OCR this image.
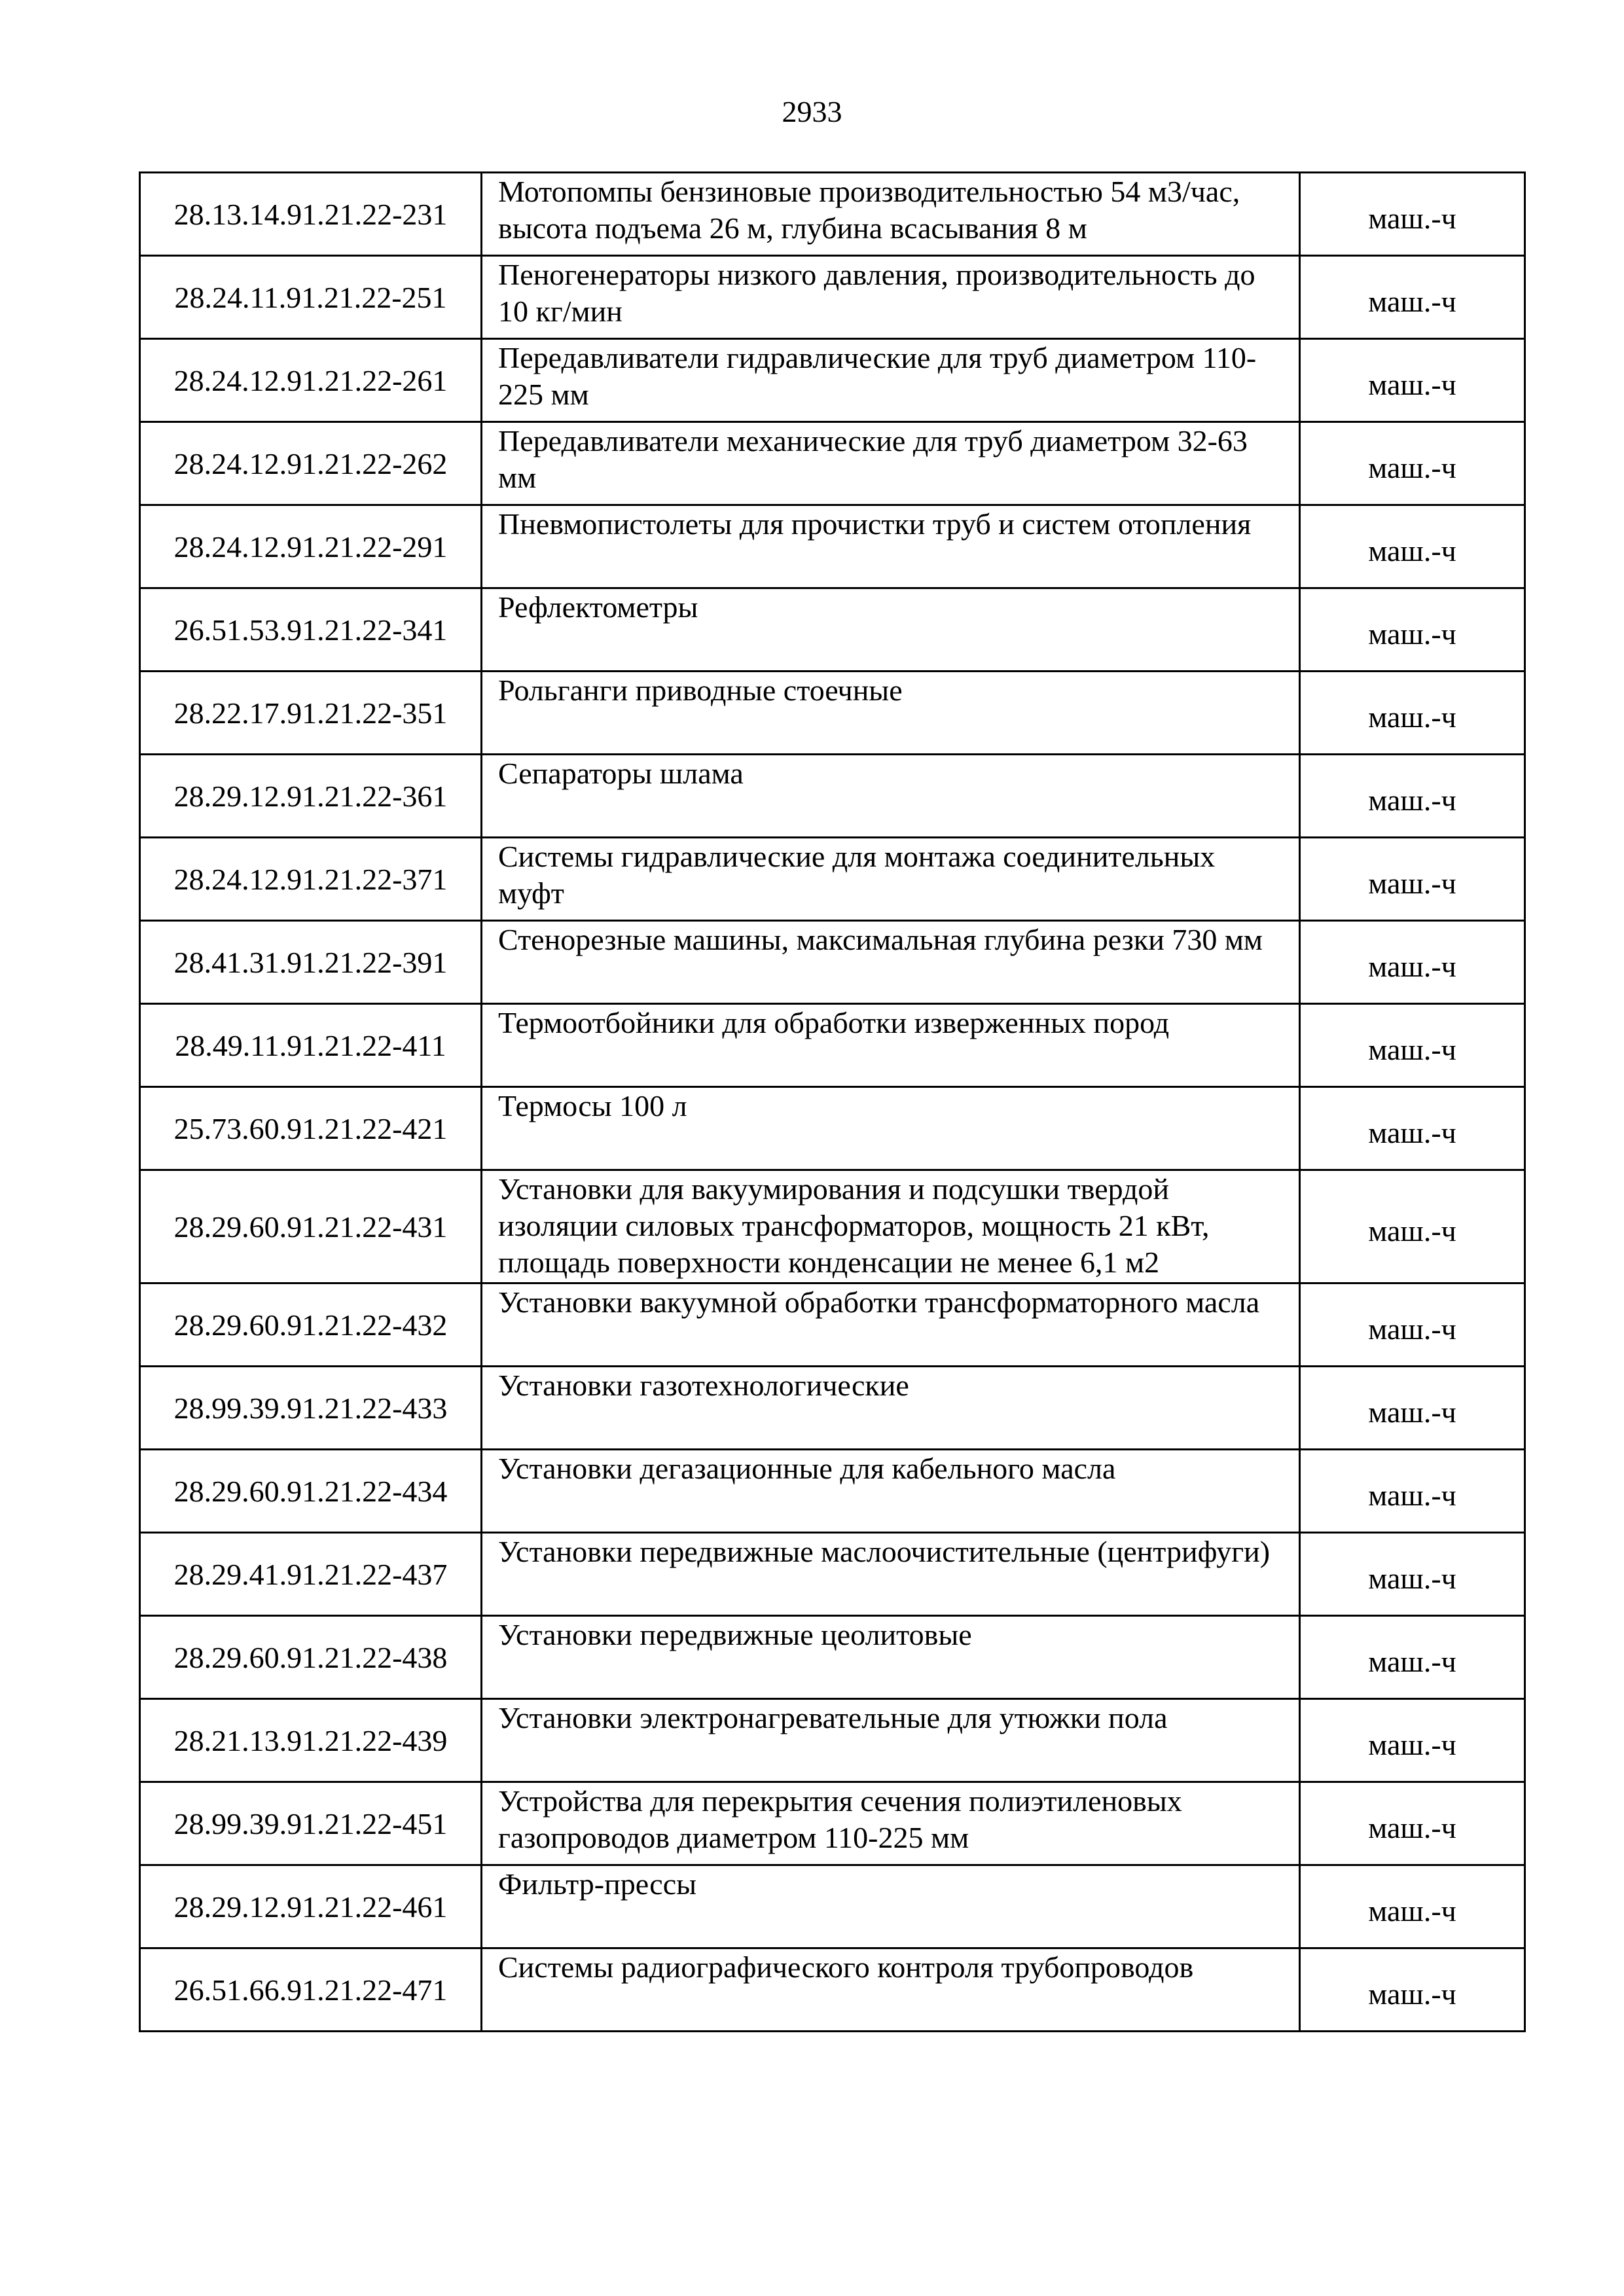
2933
28.13.14.91.21.22-231	Мотопомпы бензиновые производительностью 54 м3/час, высота подъема 26 м, глубина всасывания 8 м	маш.-ч
28.24.11.91.21.22-251	Пеногенераторы низкого давления, производительность до 10 кг/мин	маш.-ч
28.24.12.91.21.22-261	Передавливатели гидравлические для труб диаметром 110-225 мм	маш.-ч
28.24.12.91.21.22-262	Передавливатели механические для труб диаметром 32-63 мм	маш.-ч
28.24.12.91.21.22-291	Пневмопистолеты для прочистки труб и систем отопления	маш.-ч
26.51.53.91.21.22-341	Рефлектометры	маш.-ч
28.22.17.91.21.22-351	Рольганги приводные стоечные	маш.-ч
28.29.12.91.21.22-361	Сепараторы шлама	маш.-ч
28.24.12.91.21.22-371	Системы гидравлические для монтажа соединительных муфт	маш.-ч
28.41.31.91.21.22-391	Стенорезные машины, максимальная глубина резки 730 мм	маш.-ч
28.49.11.91.21.22-411	Термоотбойники для обработки изверженных пород	маш.-ч
25.73.60.91.21.22-421	Термосы 100 л	маш.-ч
28.29.60.91.21.22-431	Установки для вакуумирования и подсушки твердой изоляции силовых трансформаторов, мощность 21 кВт, площадь поверхности конденсации не менее 6,1 м2	маш.-ч
28.29.60.91.21.22-432	Установки вакуумной обработки трансформаторного масла	маш.-ч
28.99.39.91.21.22-433	Установки газотехнологические	маш.-ч
28.29.60.91.21.22-434	Установки дегазационные для кабельного масла	маш.-ч
28.29.41.91.21.22-437	Установки передвижные маслоочистительные (центрифуги)	маш.-ч
28.29.60.91.21.22-438	Установки передвижные цеолитовые	маш.-ч
28.21.13.91.21.22-439	Установки электронагревательные для утюжки пола	маш.-ч
28.99.39.91.21.22-451	Устройства для перекрытия сечения полиэтиленовых газопроводов диаметром 110-225 мм	маш.-ч
28.29.12.91.21.22-461	Фильтр-прессы	маш.-ч
26.51.66.91.21.22-471	Системы радиографического контроля трубопроводов	маш.-ч
